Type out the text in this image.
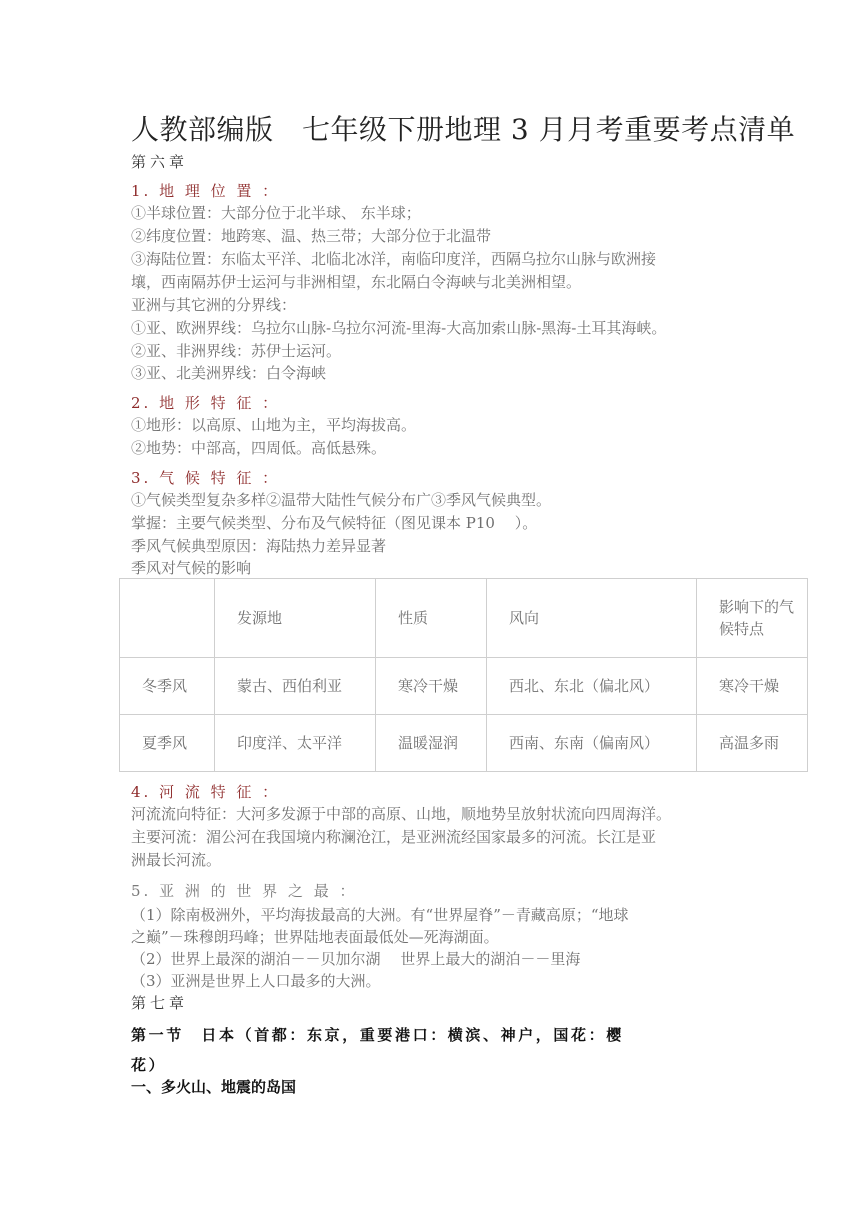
人教部编版　七年级下册地理 3 月月考重要考点清单
第六章
1. 地 理 位 置 ：
①半球位置：大部分位于北半球、 东半球；
②纬度位置：地跨寒、温、热三带；大部分位于北温带
③海陆位置：东临太平洋、北临北冰洋，南临印度洋，西隔乌拉尔山脉与欧洲接
壤，西南隔苏伊士运河与非洲相望，东北隔白令海峡与北美洲相望。
亚洲与其它洲的分界线：
①亚、欧洲界线：乌拉尔山脉-乌拉尔河流-里海-大高加索山脉-黑海-土耳其海峡。
②亚、非洲界线：苏伊士运河。
③亚、北美洲界线：白令海峡
2. 地 形 特 征 ：
①地形：以高原、山地为主，平均海拔高。
②地势：中部高，四周低。高低悬殊。
3. 气 候 特 征 ：
①气候类型复杂多样②温带大陆性气候分布广③季风气候典型。
掌握：主要气候类型、分布及气候特征（图见课本 P10　 ）。
季风气候典型原因：海陆热力差异显著
季风对气候的影响
	发源地	性质	风向	影响下的气候特点
冬季风	蒙古、西伯利亚	寒冷干燥	西北、东北（偏北风）	寒冷干燥
夏季风	印度洋、太平洋	温暖湿润	西南、东南（偏南风）	高温多雨
4. 河 流 特 征 ：
河流流向特征：大河多发源于中部的高原、山地，顺地势呈放射状流向四周海洋。
主要河流：湄公河在我国境内称澜沧江，是亚洲流经国家最多的河流。长江是亚
洲最长河流。
5. 亚 洲 的 世 界 之 最 ：
（1）除南极洲外，平均海拔最高的大洲。有“世界屋脊”－青藏高原；“地球
之巅”－珠穆朗玛峰；世界陆地表面最低处—死海湖面。
（2）世界上最深的湖泊－－贝加尔湖　 世界上最大的湖泊－－里海
（3）亚洲是世界上人口最多的大洲。
第七章
第一节　日本（首都：东京，重要港口：横滨、神户，国花：樱
花）
一、多火山、地震的岛国
